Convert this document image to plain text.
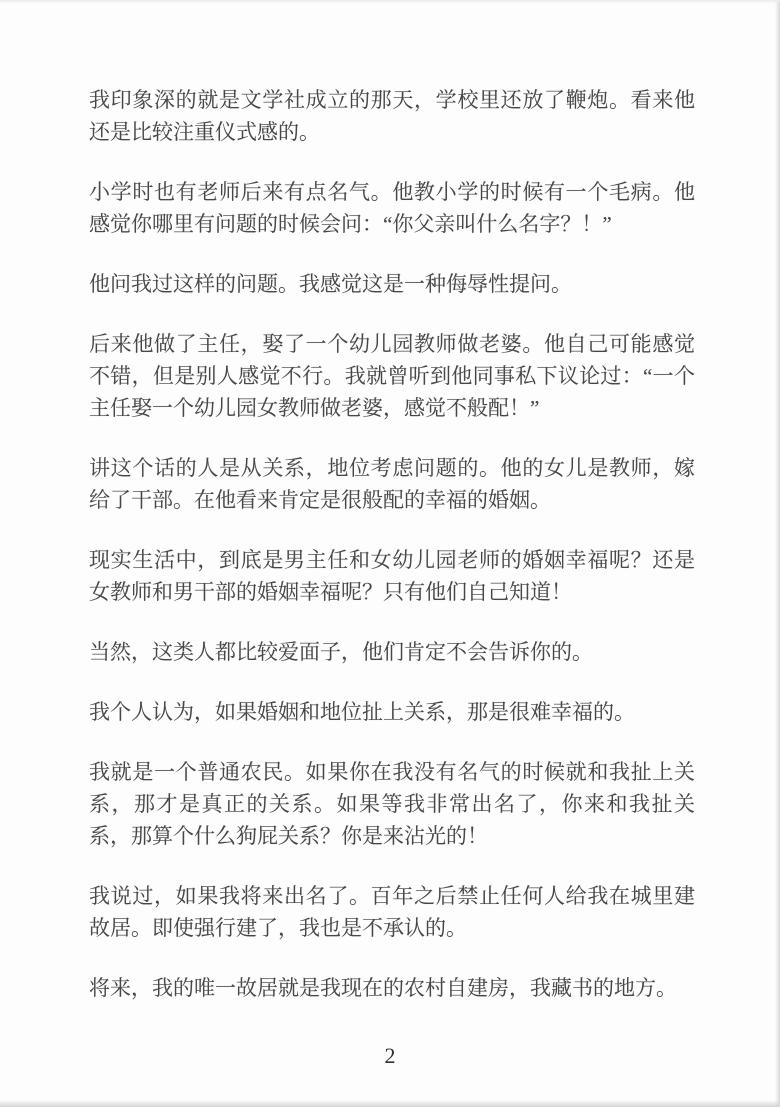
我印象深的就是文学社成立的那天，学校里还放了鞭炮。看来他还是比较注重仪式感的。

小学时也有老师后来有点名气。他教小学的时候有一个毛病。他感觉你哪里有问题的时候会问：“你父亲叫什么名字？！”

他问我过这样的问题。我感觉这是一种侮辱性提问。

后来他做了主任，娶了一个幼儿园教师做老婆。他自己可能感觉不错，但是别人感觉不行。我就曾听到他同事私下议论过：“一个主任娶一个幼儿园女教师做老婆，感觉不般配！”

讲这个话的人是从关系，地位考虑问题的。他的女儿是教师，嫁给了干部。在他看来肯定是很般配的幸福的婚姻。

现实生活中，到底是男主任和女幼儿园老师的婚姻幸福呢？还是女教师和男干部的婚姻幸福呢？只有他们自己知道！

当然，这类人都比较爱面子，他们肯定不会告诉你的。

我个人认为，如果婚姻和地位扯上关系，那是很难幸福的。

我就是一个普通农民。如果你在我没有名气的时候就和我扯上关系，那才是真正的关系。如果等我非常出名了，你来和我扯关系，那算个什么狗屁关系？你是来沾光的！

我说过，如果我将来出名了。百年之后禁止任何人给我在城里建故居。即使强行建了，我也是不承认的。

将来，我的唯一故居就是我现在的农村自建房，我藏书的地方。

2
